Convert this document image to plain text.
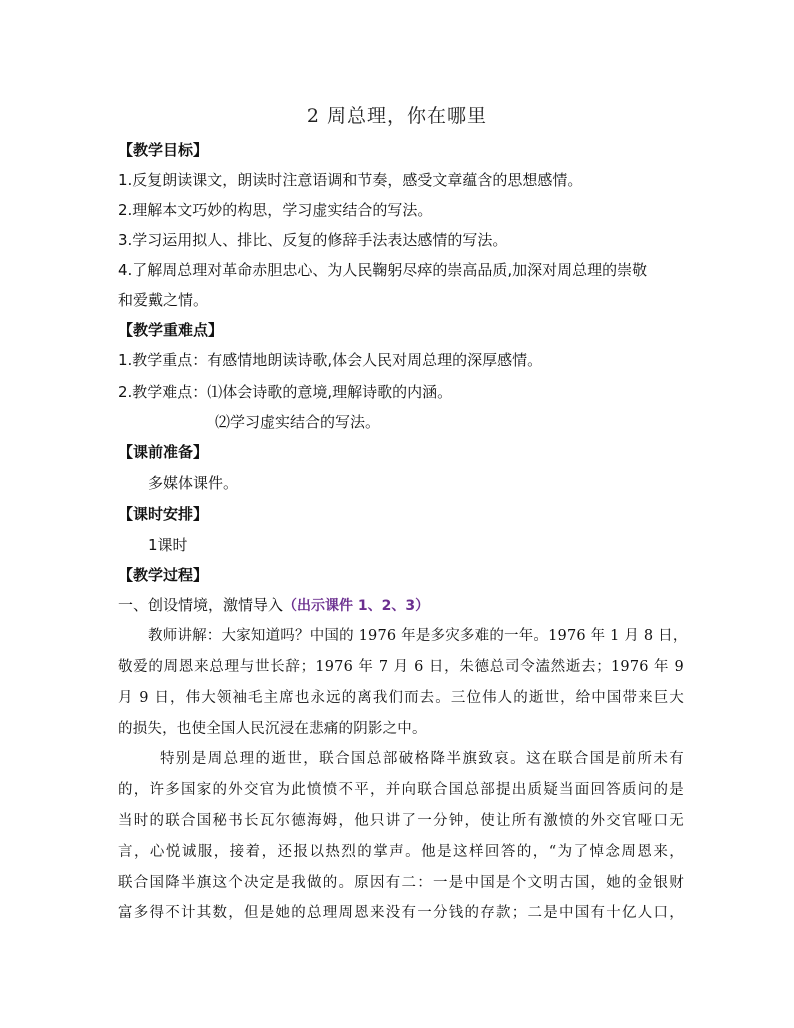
2 周总理，你在哪里
【教学目标】
1.反复朗读课文，朗读时注意语调和节奏，感受文章蕴含的思想感情。
2.理解本文巧妙的构思，学习虚实结合的写法。
3.学习运用拟人、排比、反复的修辞手法表达感情的写法。
4.了解周总理对革命赤胆忠心、为人民鞠躬尽瘁的崇高品质,加深对周总理的崇敬
和爱戴之情。
【教学重难点】
1.教学重点：有感情地朗读诗歌,体会人民对周总理的深厚感情。
2.教学难点：⑴体会诗歌的意境,理解诗歌的内涵。
⑵学习虚实结合的写法。
【课前准备】
多媒体课件。
【课时安排】
1课时
【教学过程】
一、创设情境，激情导入（出示课件 1、2、3）
教师讲解：大家知道吗？中国的 1976 年是多灾多难的一年。1976 年 1 月 8 日，
敬爱的周恩来总理与世长辞；1976 年 7 月 6 日，朱德总司令溘然逝去；1976 年 9
月 9 日，伟大领袖毛主席也永远的离我们而去。三位伟人的逝世，给中国带来巨大
的损失，也使全国人民沉浸在悲痛的阴影之中。
特别是周总理的逝世，联合国总部破格降半旗致哀。这在联合国是前所未有
的，许多国家的外交官为此愤愤不平，并向联合国总部提出质疑当面回答质问的是
当时的联合国秘书长瓦尔德海姆，他只讲了一分钟，使让所有激愤的外交官哑口无
言，心悦诚服，接着，还报以热烈的掌声。他是这样回答的，“为了悼念周恩来，
联合国降半旗这个决定是我做的。原因有二：一是中国是个文明古国，她的金银财
富多得不计其数，但是她的总理周恩来没有一分钱的存款；二是中国有十亿人口，
